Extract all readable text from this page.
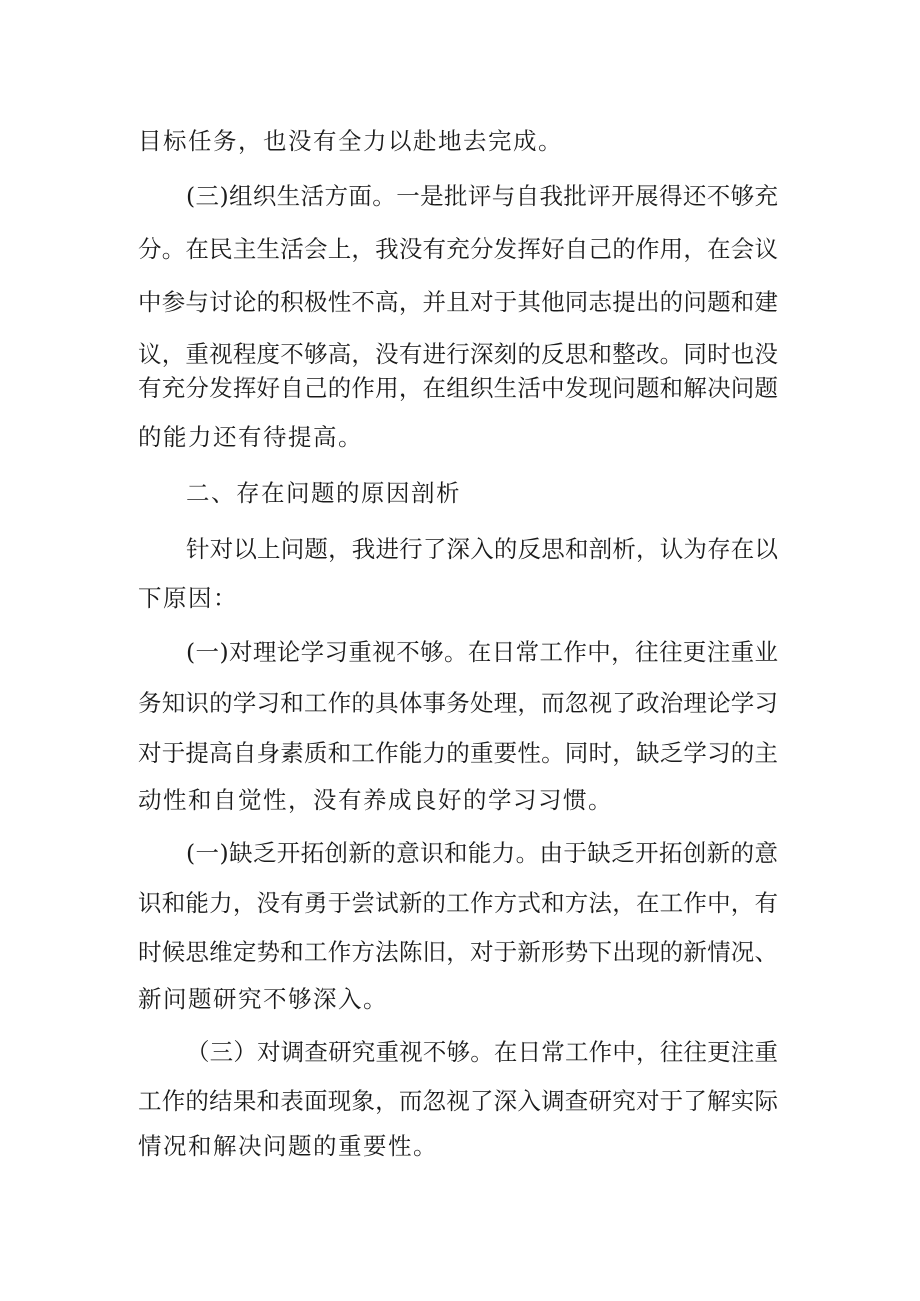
目标任务，也没有全力以赴地去完成。

(三)组织生活方面。一是批评与自我批评开展得还不够充

分。在民主生活会上，我没有充分发挥好自己的作用，在会议

中参与讨论的积极性不高，并且对于其他同志提出的问题和建

议，重视程度不够高，没有进行深刻的反思和整改。同时也没

有充分发挥好自己的作用，在组织生活中发现问题和解决问题

的能力还有待提高。

二、存在问题的原因剖析

针对以上问题，我进行了深入的反思和剖析，认为存在以

下原因：

(一)对理论学习重视不够。在日常工作中，往往更注重业

务知识的学习和工作的具体事务处理，而忽视了政治理论学习

对于提高自身素质和工作能力的重要性。同时，缺乏学习的主

动性和自觉性，没有养成良好的学习习惯。

(一)缺乏开拓创新的意识和能力。由于缺乏开拓创新的意

识和能力，没有勇于尝试新的工作方式和方法，在工作中，有

时候思维定势和工作方法陈旧，对于新形势下出现的新情况、

新问题研究不够深入。

（三）对调查研究重视不够。在日常工作中，往往更注重

工作的结果和表面现象，而忽视了深入调查研究对于了解实际

情况和解决问题的重要性。
